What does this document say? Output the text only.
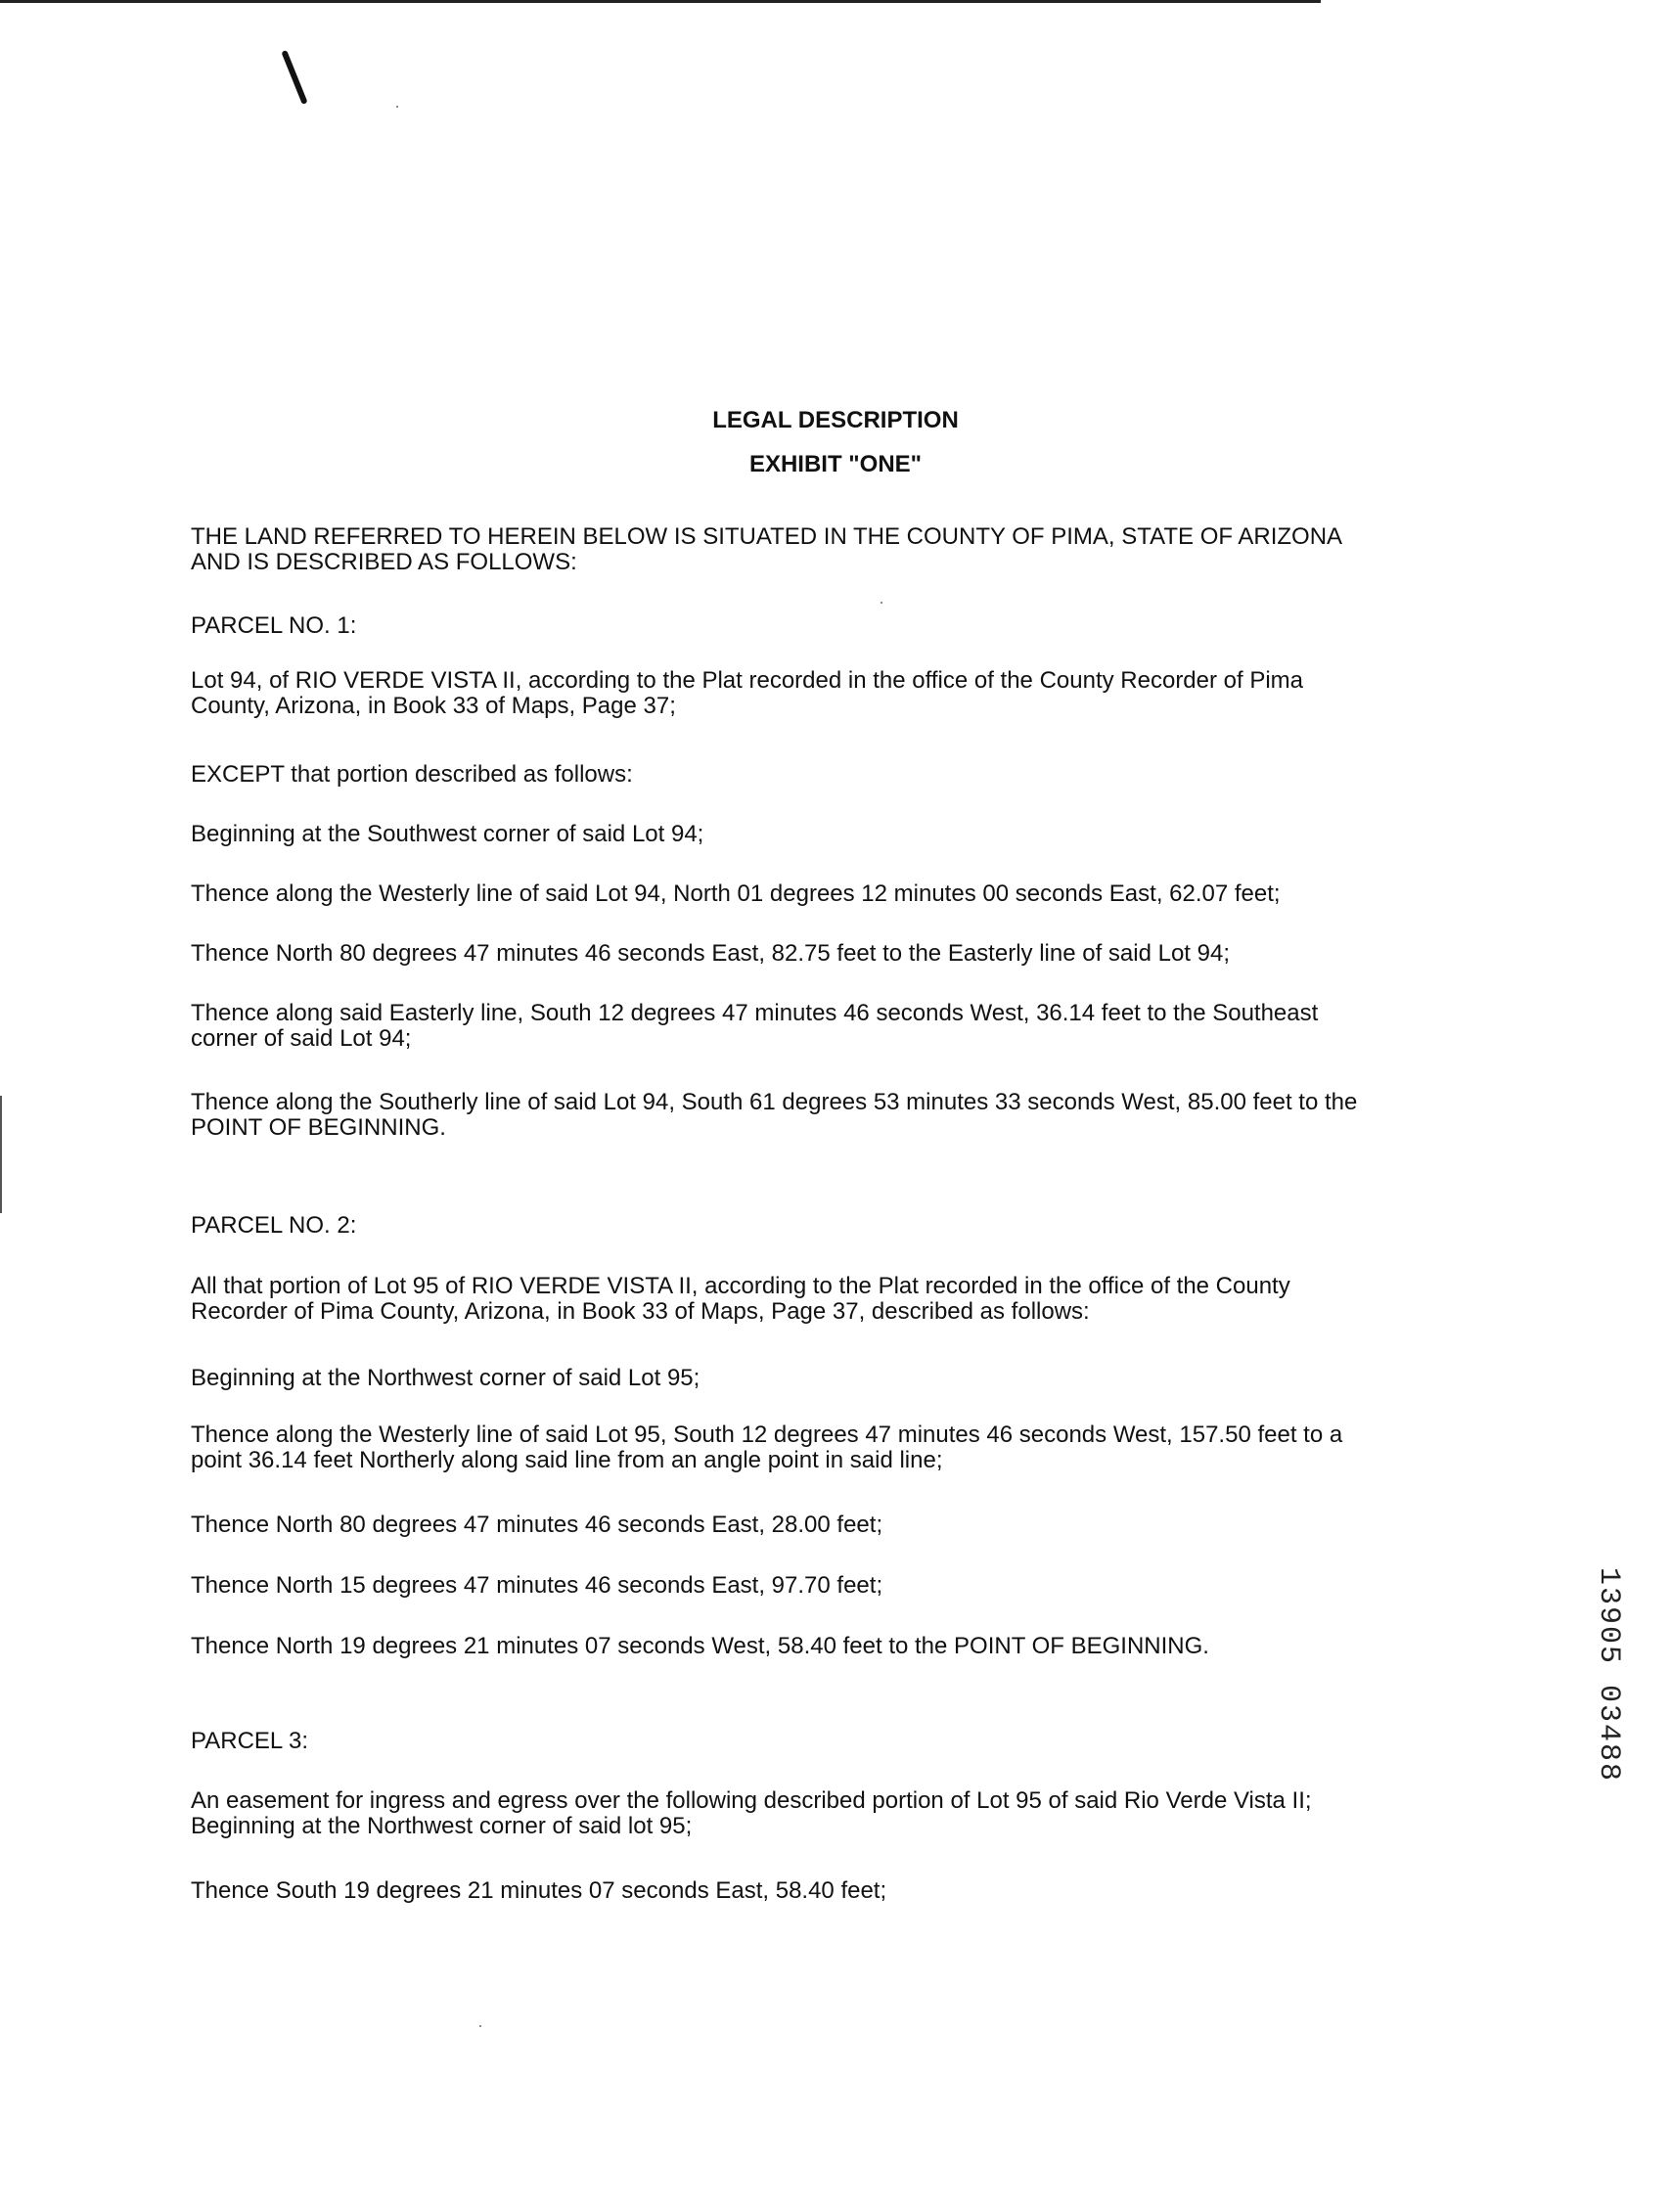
LEGAL DESCRIPTION
EXHIBIT "ONE"
THE LAND REFERRED TO HEREIN BELOW IS SITUATED IN THE COUNTY OF PIMA, STATE OF ARIZONA
AND IS DESCRIBED AS FOLLOWS:
PARCEL NO. 1:
Lot 94, of RIO VERDE VISTA II, according to the Plat recorded in the office of the County Recorder of Pima
County, Arizona, in Book 33 of Maps, Page 37;
EXCEPT that portion described as follows:
Beginning at the Southwest corner of said Lot 94;
Thence along the Westerly line of said Lot 94, North 01 degrees 12 minutes 00 seconds East, 62.07 feet;
Thence North 80 degrees 47 minutes 46 seconds East, 82.75 feet to the Easterly line of said Lot 94;
Thence along said Easterly line, South 12 degrees 47 minutes 46 seconds West, 36.14 feet to the Southeast
corner of said Lot 94;
Thence along the Southerly line of said Lot 94, South 61 degrees 53 minutes 33 seconds West, 85.00 feet to the
POINT OF BEGINNING.
PARCEL NO. 2:
All that portion of Lot 95 of RIO VERDE VISTA II, according to the Plat recorded in the office of the County
Recorder of Pima County, Arizona, in Book 33 of Maps, Page 37, described as follows:
Beginning at the Northwest corner of said Lot 95;
Thence along the Westerly line of said Lot 95, South 12 degrees 47 minutes 46 seconds West, 157.50 feet to a
point 36.14 feet Northerly along said line from an angle point in said line;
Thence North 80 degrees 47 minutes 46 seconds East, 28.00 feet;
Thence North 15 degrees 47 minutes 46 seconds East, 97.70 feet;
Thence North 19 degrees 21 minutes 07 seconds West, 58.40 feet to the POINT OF BEGINNING.
PARCEL 3:
An easement for ingress and egress over the following described portion of Lot 95 of said Rio Verde Vista II;
Beginning at the Northwest corner of said lot 95;
Thence South 19 degrees 21 minutes 07 seconds East, 58.40 feet;
13905 03488
